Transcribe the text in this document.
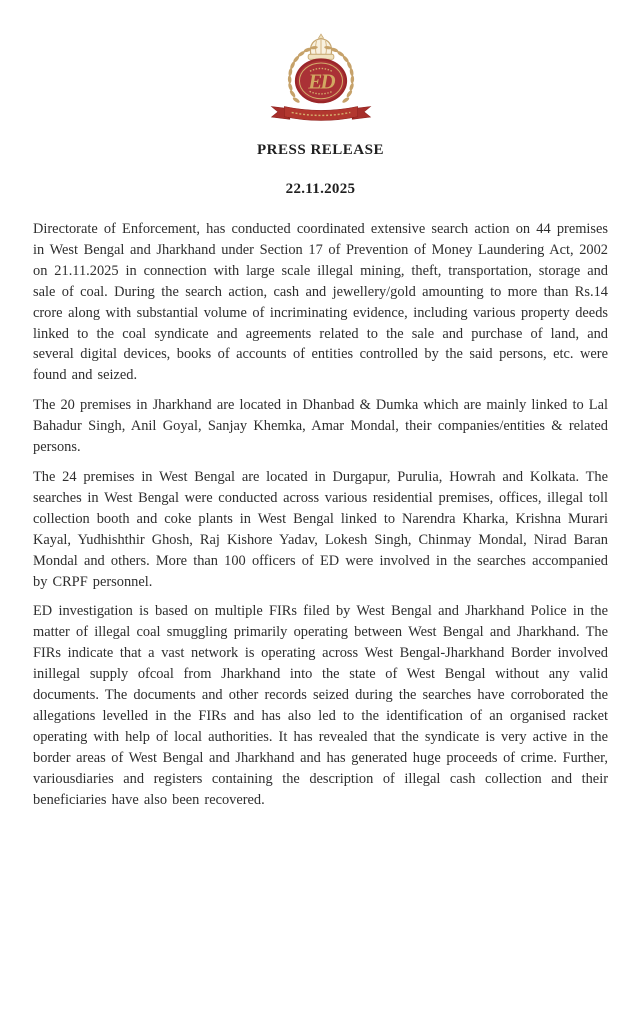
ED
PRESS RELEASE
22.11.2025

Directorate of Enforcement, has conducted coordinated extensive search action on 44 premises in West Bengal and Jharkhand under Section 17 of Prevention of Money Laundering Act, 2002 on 21.11.2025 in connection with large scale illegal mining, theft, transportation, storage and sale of coal. During the search action, cash and jewellery/gold amounting to more than Rs.14 crore along with substantial volume of incriminating evidence, including various property deeds linked to the coal syndicate and agreements related to the sale and purchase of land, and several digital devices, books of accounts of entities controlled by the said persons, etc. were found and seized.

The 20 premises in Jharkhand are located in Dhanbad & Dumka which are mainly linked to Lal Bahadur Singh, Anil Goyal, Sanjay Khemka, Amar Mondal, their companies/entities & related persons.

The 24 premises in West Bengal are located in Durgapur, Purulia, Howrah and Kolkata. The searches in West Bengal were conducted across various residential premises, offices, illegal toll collection booth and coke plants in West Bengal linked to Narendra Kharka, Krishna Murari Kayal, Yudhishthir Ghosh, Raj Kishore Yadav, Lokesh Singh, Chinmay Mondal, Nirad Baran Mondal and others. More than 100 officers of ED were involved in the searches accompanied by CRPF personnel.

ED investigation is based on multiple FIRs filed by West Bengal and Jharkhand Police in the matter of illegal coal smuggling primarily operating between West Bengal and Jharkhand. The FIRs indicate that a vast network is operating across West Bengal-Jharkhand Border involved inillegal supply ofcoal from Jharkhand into the state of West Bengal without any valid documents. The documents and other records seized during the searches have corroborated the allegations levelled in the FIRs and has also led to the identification of an organised racket operating with help of local authorities. It has revealed that the syndicate is very active in the border areas of West Bengal and Jharkhand and has generated huge proceeds of crime. Further, variousdiaries and registers containing the description of illegal cash collection and their beneficiaries have also been recovered.
